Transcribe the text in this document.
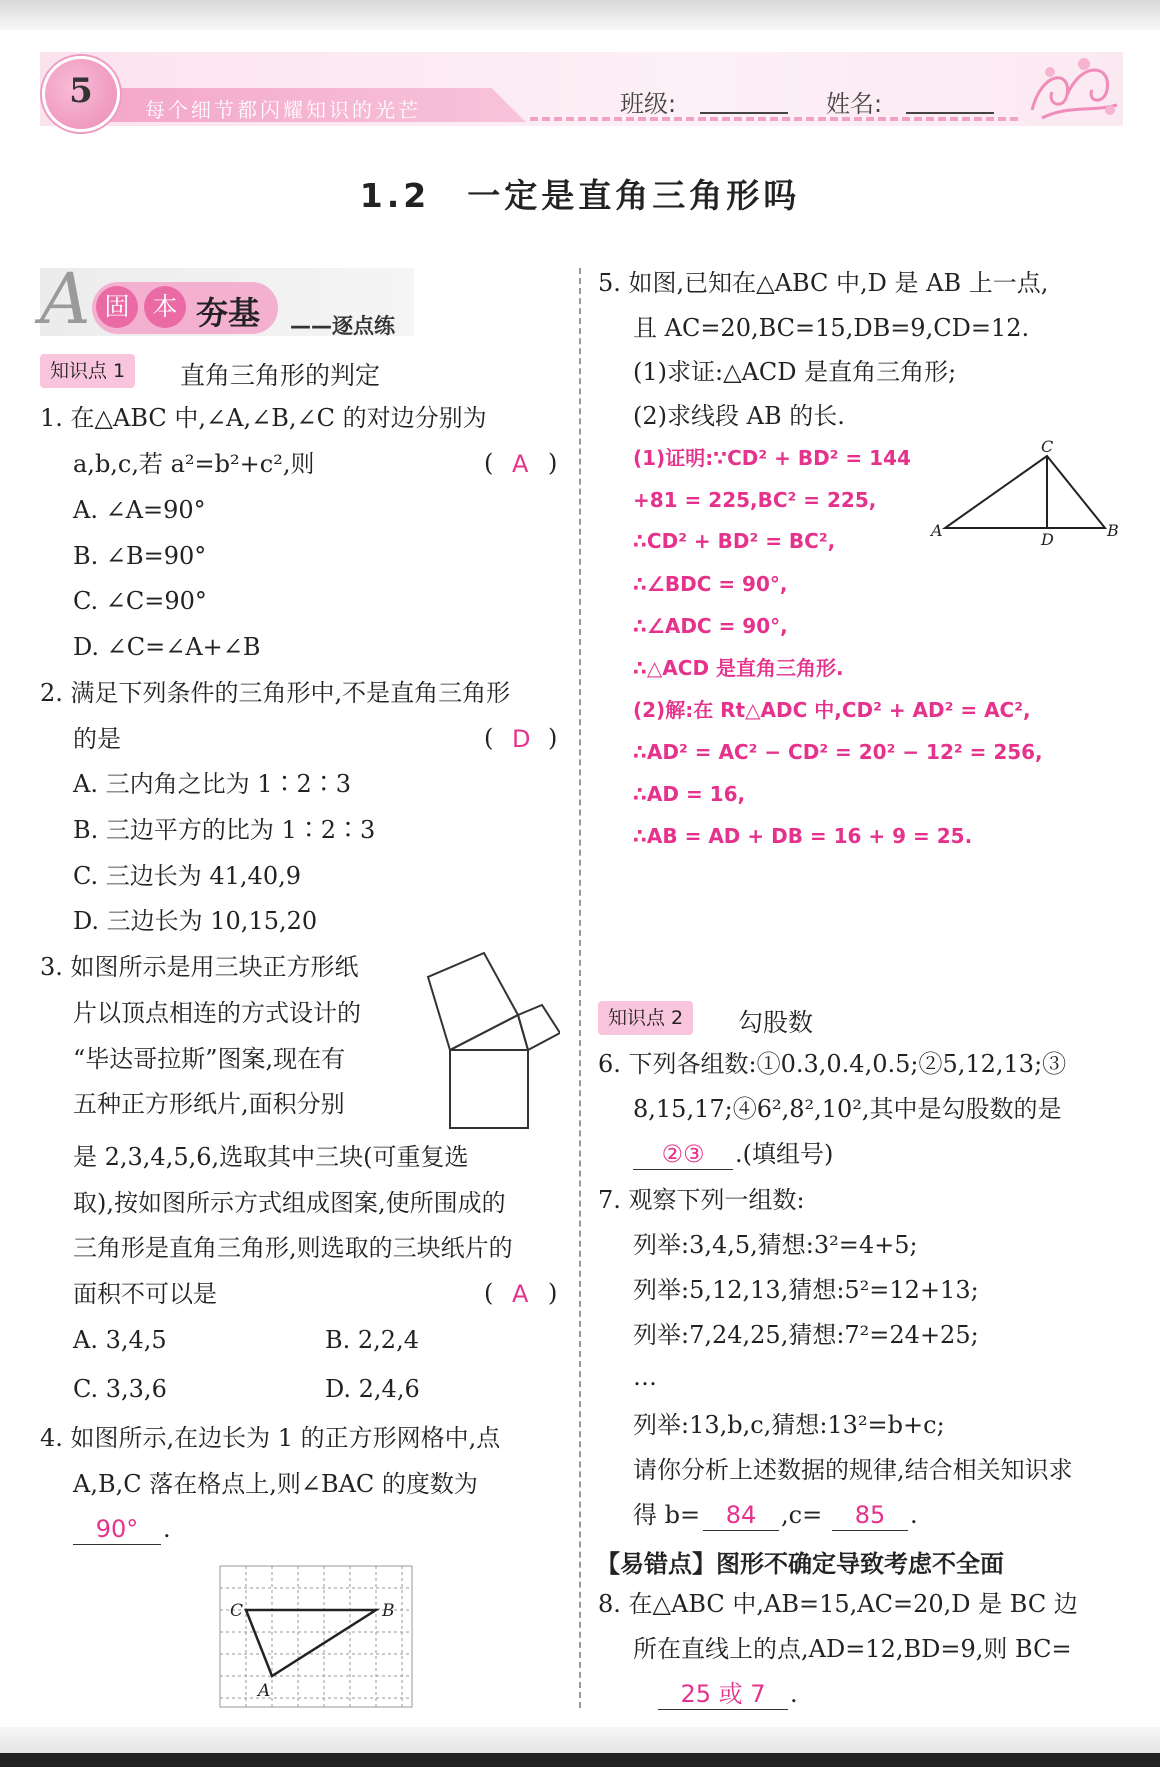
每个细节都闪耀知识的光芒
5	班级:	姓名:
1.2　一定是直角三角形吗
A 固 本 夯基 ——逐点练
知识点 1	直角三角形的判定
1. 在△ABC 中,∠A,∠B,∠C 的对边分别为
a,b,c,若 a²=b²+c²,则	( A )
A. ∠A=90°
B. ∠B=90°
C. ∠C=90°
D. ∠C=∠A+∠B
2. 满足下列条件的三角形中,不是直角三角形
的是	( D )
A. 三内角之比为 1∶2∶3
B. 三边平方的比为 1∶2∶3
C. 三边长为 41,40,9
D. 三边长为 10,15,20
3. 如图所示是用三块正方形纸
片以顶点相连的方式设计的
“毕达哥拉斯”图案,现在有
五种正方形纸片,面积分别
是 2,3,4,5,6,选取其中三块(可重复选
取),按如图所示方式组成图案,使所围成的
三角形是直角三角形,则选取的三块纸片的
面积不可以是	( A )
A. 3,4,5	B. 2,2,4
C. 3,3,6	D. 2,4,6
4. 如图所示,在边长为 1 的正方形网格中,点
A,B,C 落在格点上,则∠BAC 的度数为
90°	.
C	B
A
5. 如图,已知在△ABC 中,D 是 AB 上一点,
且 AC=20,BC=15,DB=9,CD=12.
(1)求证:△ACD 是直角三角形;
(2)求线段 AB 的长.
(1)证明:∵CD² + BD² = 144
+81 = 225,BC² = 225,
∴CD² + BD² = BC²,
∴∠BDC = 90°,
∴∠ADC = 90°,
∴△ACD 是直角三角形.
(2)解:在 Rt△ADC 中,CD² + AD² = AC²,
∴AD² = AC² − CD² = 20² − 12² = 256,
∴AD = 16,
∴AB = AD + DB = 16 + 9 = 25.
C
A	B
D
知识点 2	勾股数
6. 下列各组数:①0.3,0.4,0.5;②5,12,13;③
8,15,17;④6²,8²,10²,其中是勾股数的是
②③	.(填组号)
7. 观察下列一组数:
列举:3,4,5,猜想:3²=4+5;
列举:5,12,13,猜想:5²=12+13;
列举:7,24,25,猜想:7²=24+25;
…
列举:13,b,c,猜想:13²=b+c;
请你分析上述数据的规律,结合相关知识求
得 b=	84	,c=	85	.
【易错点】图形不确定导致考虑不全面
8. 在△ABC 中,AB=15,AC=20,D 是 BC 边
所在直线上的点,AD=12,BD=9,则 BC=
25 或 7	.
